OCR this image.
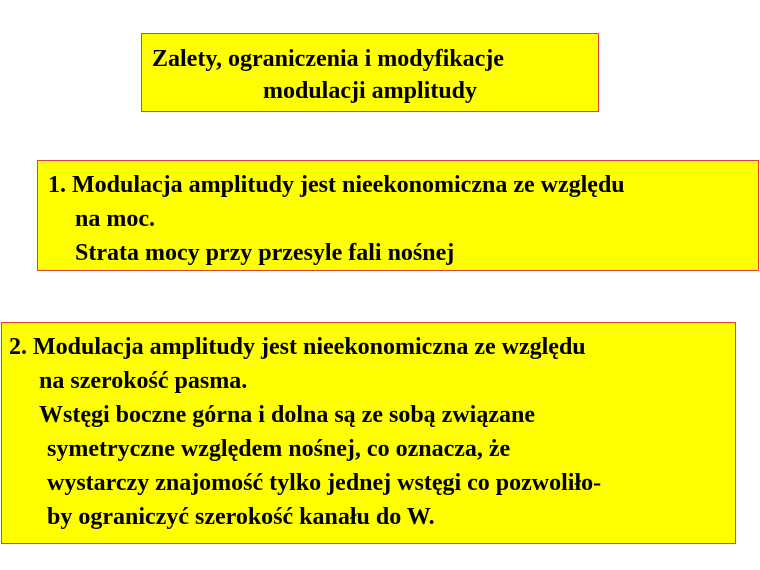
Zalety, ograniczenia i modyfikacje
modulacji amplitudy
1. Modulacja amplitudy jest nieekonomiczna ze względu
na moc.
Strata mocy przy przesyle fali nośnej
2. Modulacja amplitudy jest nieekonomiczna ze względu
na szerokość pasma.
Wstęgi boczne górna i dolna są ze sobą związane
symetryczne względem nośnej, co oznacza, że
wystarczy znajomość tylko jednej wstęgi co pozwoliło-
by ograniczyć szerokość kanału do W.
